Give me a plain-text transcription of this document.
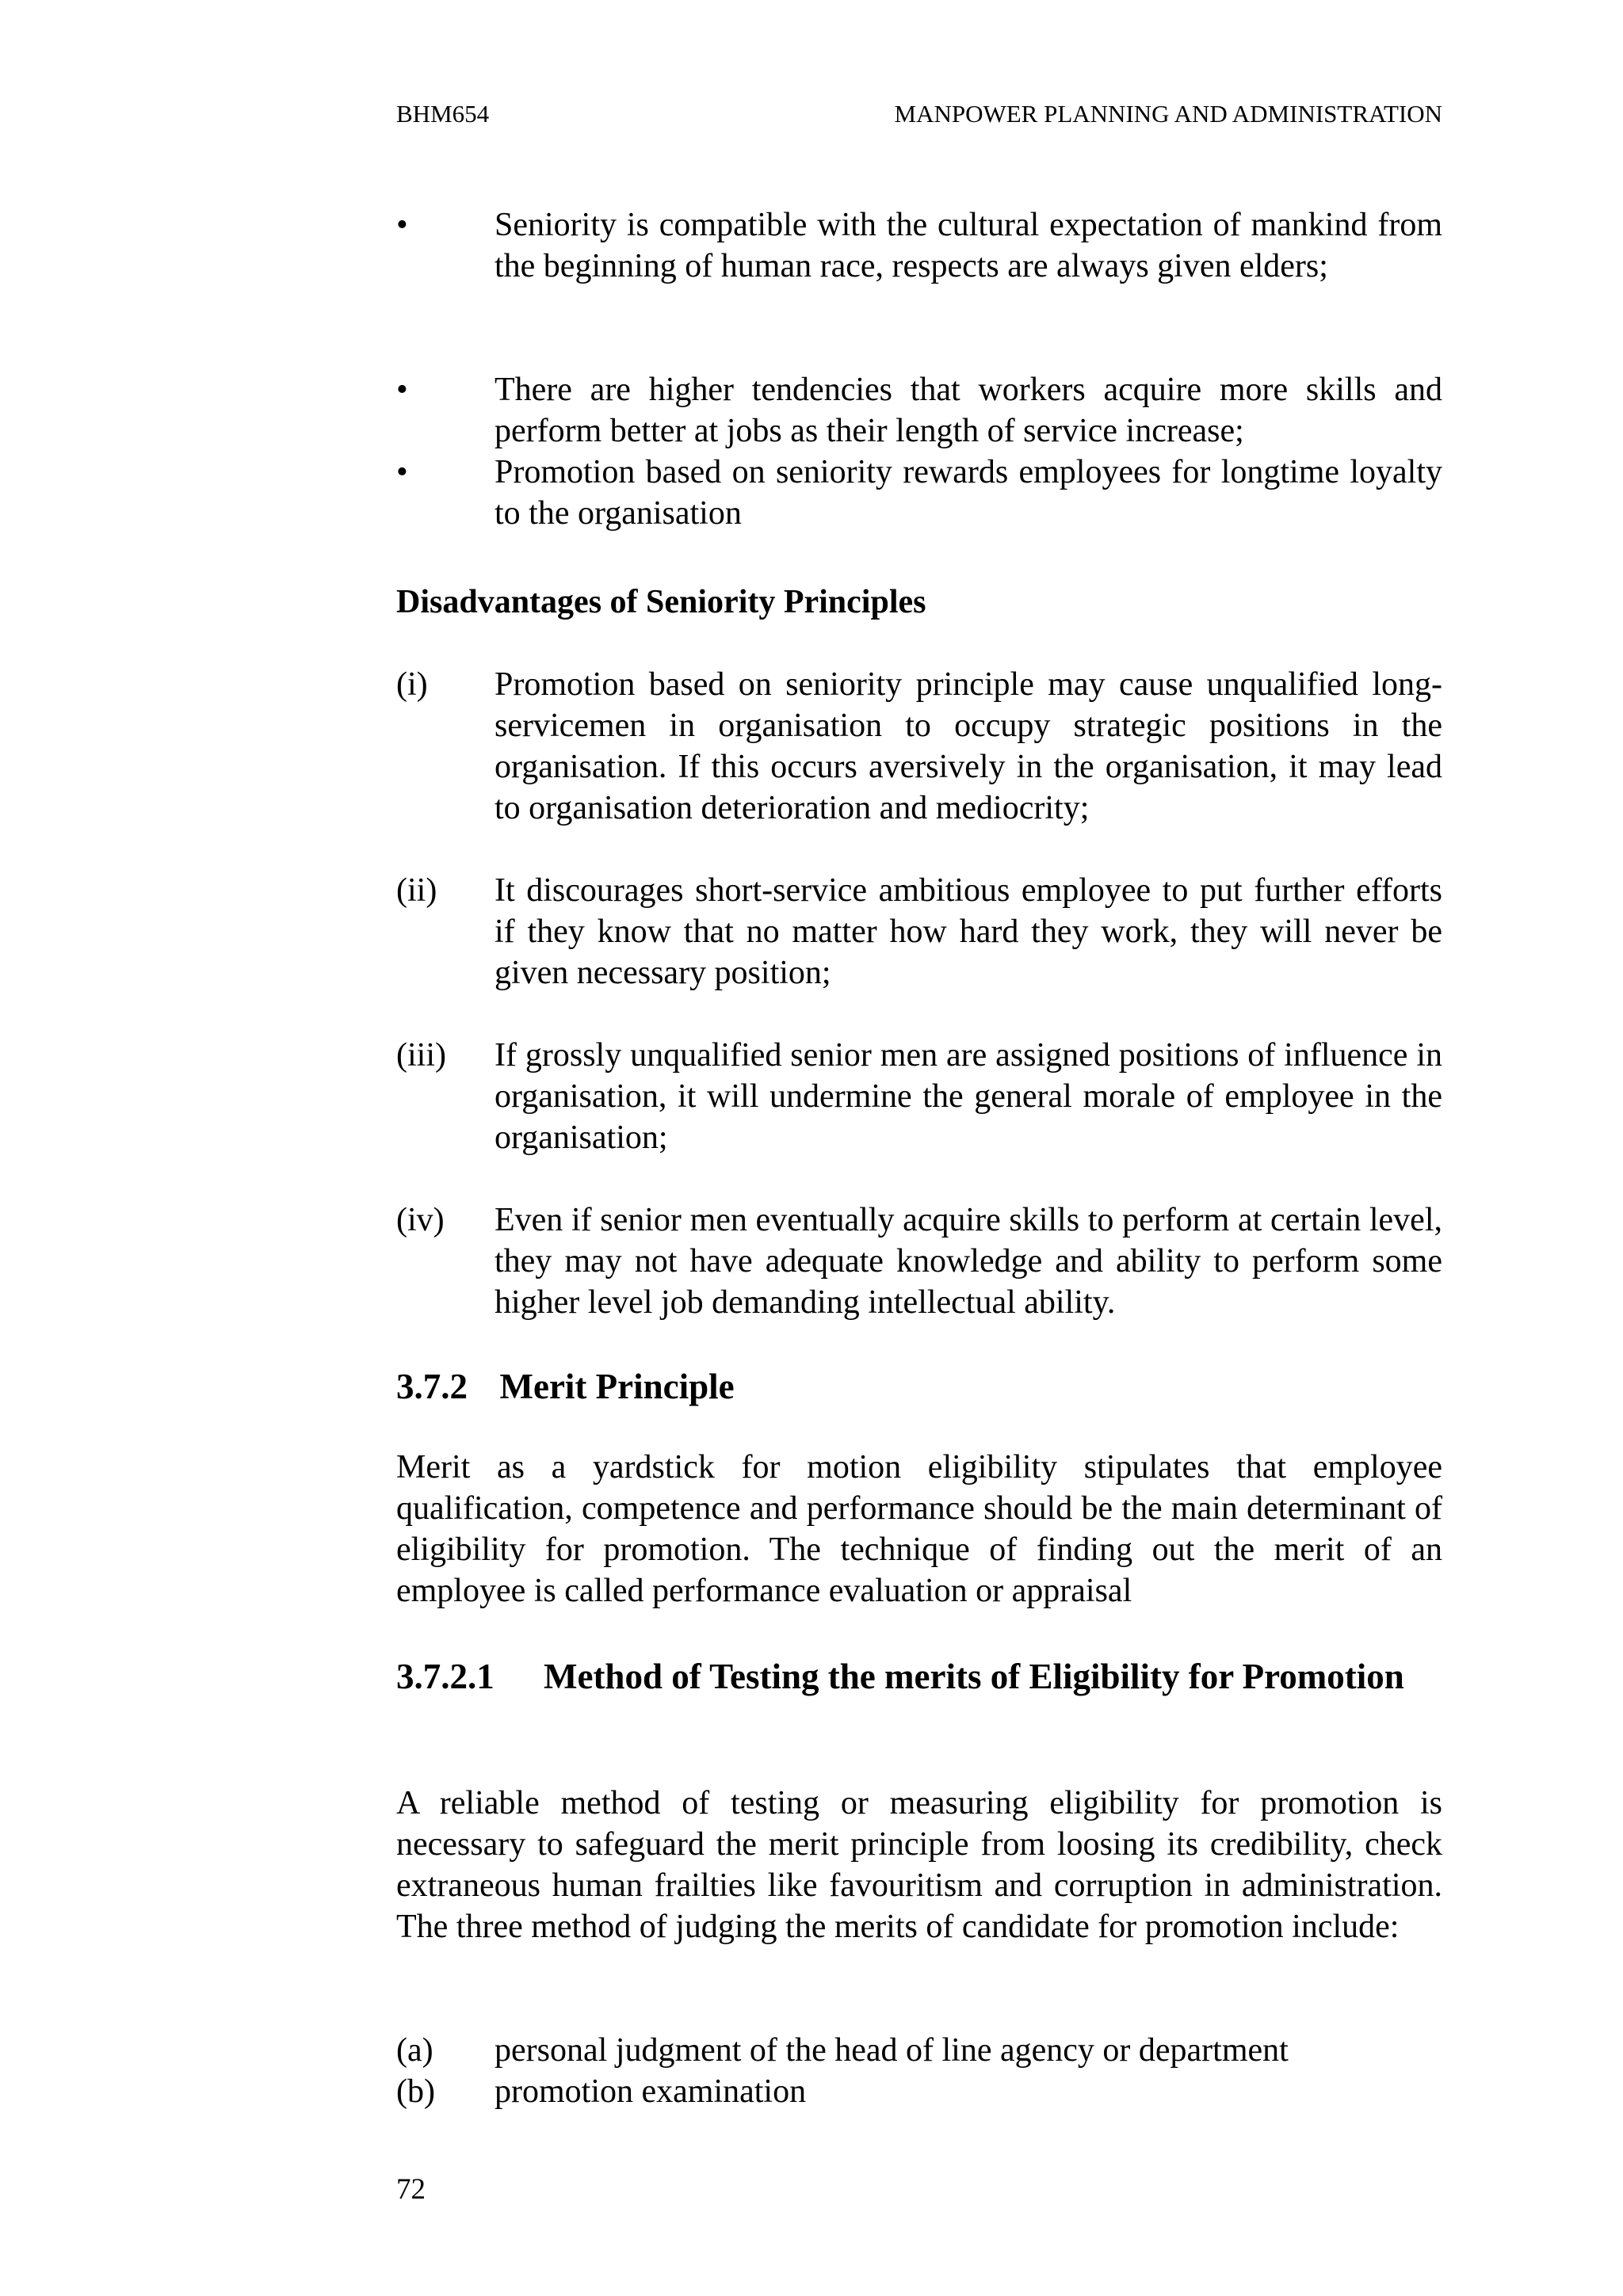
BHM654	MANPOWER PLANNING AND ADMINISTRATION
•	Seniority is compatible with the cultural expectation of mankind from the beginning of human race, respects are always given elders;
•	There are higher tendencies that workers acquire more skills and perform better at jobs as their length of service increase;
•	Promotion based on seniority rewards employees for longtime loyalty to the organisation
Disadvantages of Seniority Principles
(i) Promotion based on seniority principle may cause unqualified long-servicemen in organisation to occupy strategic positions in the organisation. If this occurs aversively in the organisation, it may lead to organisation deterioration and mediocrity;
(ii) It discourages short-service ambitious employee to put further efforts if they know that no matter how hard they work, they will never be given necessary position;
(iii) If grossly unqualified senior men are assigned positions of influence in organisation, it will undermine the general morale of employee in the organisation;
(iv) Even if senior men eventually acquire skills to perform at certain level, they may not have adequate knowledge and ability to perform some higher level job demanding intellectual ability.
3.7.2 Merit Principle
Merit as a yardstick for motion eligibility stipulates that employee qualification, competence and performance should be the main determinant of eligibility for promotion. The technique of finding out the merit of an employee is called performance evaluation or appraisal
3.7.2.1 Method of Testing the merits of Eligibility for Promotion
A reliable method of testing or measuring eligibility for promotion is necessary to safeguard the merit principle from loosing its credibility, check extraneous human frailties like favouritism and corruption in administration. The three method of judging the merits of candidate for promotion include:
(a) personal judgment of the head of line agency or department
(b) promotion examination
72
